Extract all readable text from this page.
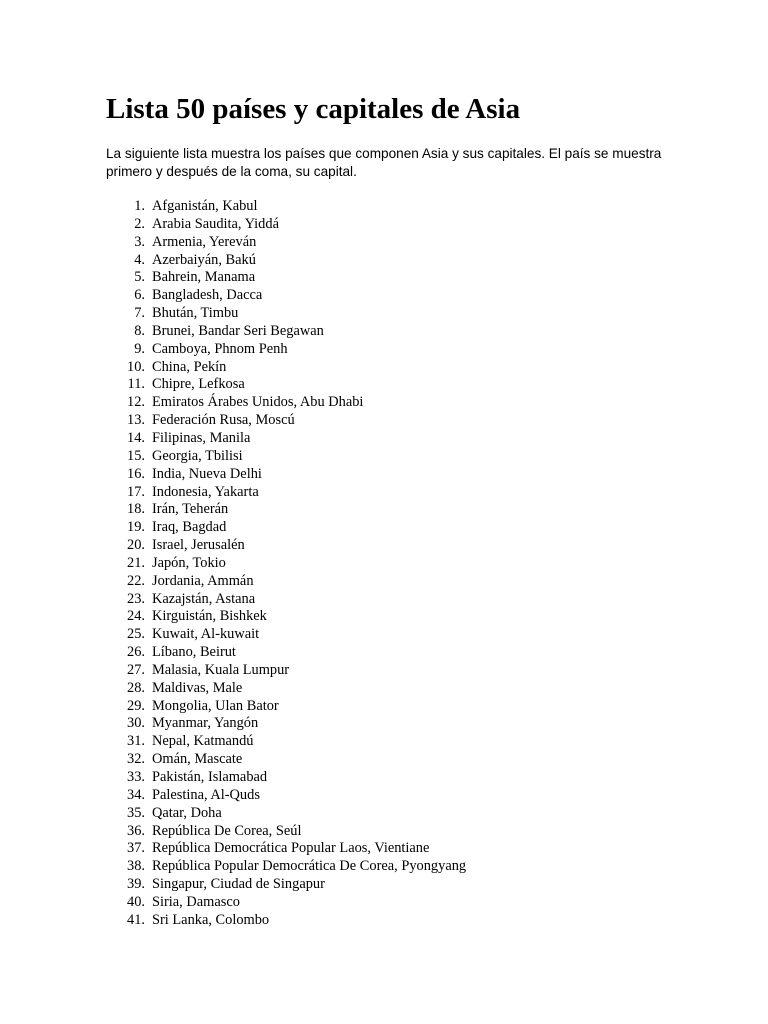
Lista 50 países y capitales de Asia

La siguiente lista muestra los países que componen Asia y sus capitales. El país se muestra primero y después de la coma, su capital.

1. Afganistán, Kabul
2. Arabia Saudita, Yiddá
3. Armenia, Yereván
4. Azerbaiyán, Bakú
5. Bahrein, Manama
6. Bangladesh, Dacca
7. Bhután, Timbu
8. Brunei, Bandar Seri Begawan
9. Camboya, Phnom Penh
10. China, Pekín
11. Chipre, Lefkosa
12. Emiratos Árabes Unidos, Abu Dhabi
13. Federación Rusa, Moscú
14. Filipinas, Manila
15. Georgia, Tbilisi
16. India, Nueva Delhi
17. Indonesia, Yakarta
18. Irán, Teherán
19. Iraq, Bagdad
20. Israel, Jerusalén
21. Japón, Tokio
22. Jordania, Ammán
23. Kazajstán, Astana
24. Kirguistán, Bishkek
25. Kuwait, Al-kuwait
26. Líbano, Beirut
27. Malasia, Kuala Lumpur
28. Maldivas, Male
29. Mongolia, Ulan Bator
30. Myanmar, Yangón
31. Nepal, Katmandú
32. Omán, Mascate
33. Pakistán, Islamabad
34. Palestina, Al-Quds
35. Qatar, Doha
36. República De Corea, Seúl
37. República Democrática Popular Laos, Vientiane
38. República Popular Democrática De Corea, Pyongyang
39. Singapur, Ciudad de Singapur
40. Siria, Damasco
41. Sri Lanka, Colombo
